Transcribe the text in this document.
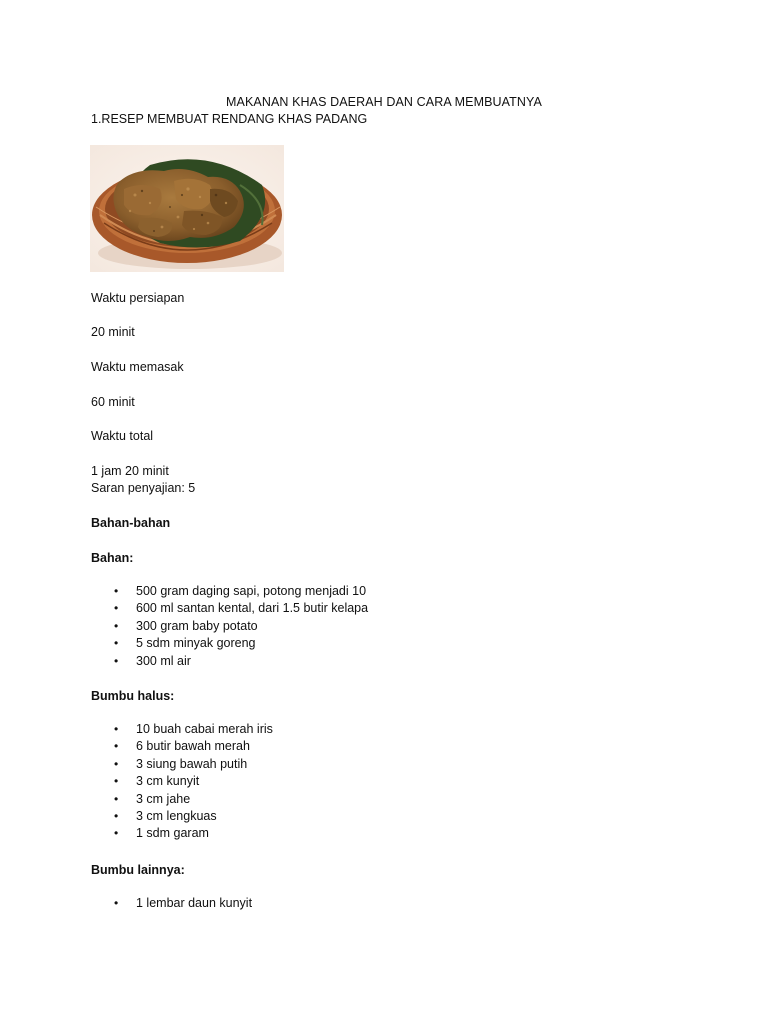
MAKANAN KHAS DAERAH DAN CARA MEMBUATNYA
1.RESEP MEMBUAT RENDANG KHAS PADANG
Waktu persiapan
20 minit
Waktu memasak
60 minit
Waktu total
1 jam 20 minit
Saran penyajian: 5
Bahan-bahan
Bahan:
• 500 gram daging sapi, potong menjadi 10
• 600 ml santan kental, dari 1.5 butir kelapa
• 300 gram baby potato
• 5 sdm minyak goreng
• 300 ml air
Bumbu halus:
• 10 buah cabai merah iris
• 6 butir bawah merah
• 3 siung bawah putih
• 3 cm kunyit
• 3 cm jahe
• 3 cm lengkuas
• 1 sdm garam
Bumbu lainnya:
• 1 lembar daun kunyit
